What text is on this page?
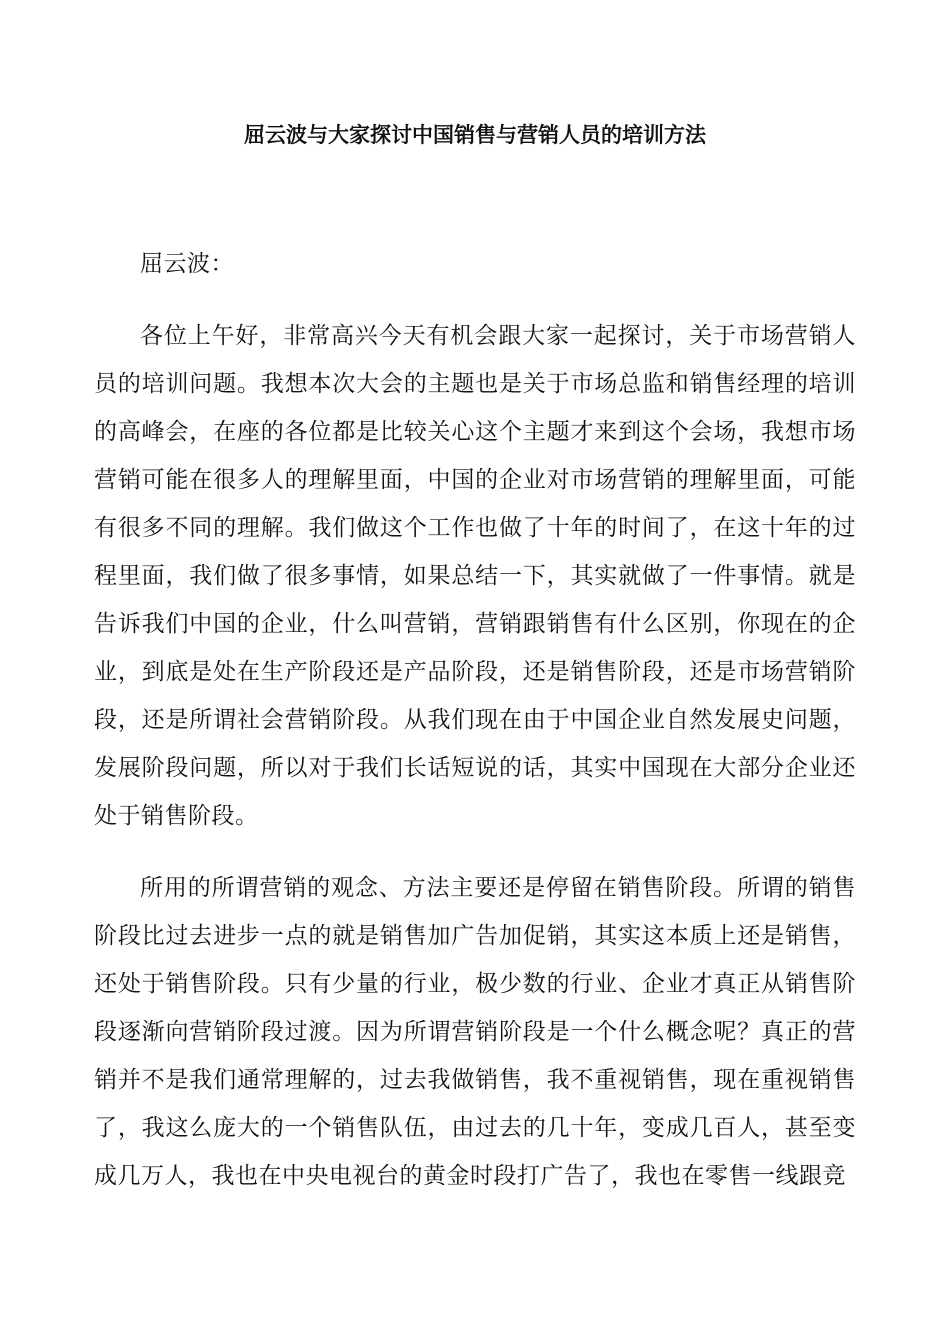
屈云波与大家探讨中国销售与营销人员的培训方法

屈云波：

各位上午好，非常高兴今天有机会跟大家一起探讨，关于市场营销人员的培训问题。我想本次大会的主题也是关于市场总监和销售经理的培训的高峰会，在座的各位都是比较关心这个主题才来到这个会场，我想市场营销可能在很多人的理解里面，中国的企业对市场营销的理解里面，可能有很多不同的理解。我们做这个工作也做了十年的时间了，在这十年的过程里面，我们做了很多事情，如果总结一下，其实就做了一件事情。就是告诉我们中国的企业，什么叫营销，营销跟销售有什么区别，你现在的企业，到底是处在生产阶段还是产品阶段，还是销售阶段，还是市场营销阶段，还是所谓社会营销阶段。从我们现在由于中国企业自然发展史问题，发展阶段问题，所以对于我们长话短说的话，其实中国现在大部分企业还处于销售阶段。

所用的所谓营销的观念、方法主要还是停留在销售阶段。所谓的销售阶段比过去进步一点的就是销售加广告加促销，其实这本质上还是销售，还处于销售阶段。只有少量的行业，极少数的行业、企业才真正从销售阶段逐渐向营销阶段过渡。因为所谓营销阶段是一个什么概念呢？真正的营销并不是我们通常理解的，过去我做销售，我不重视销售，现在重视销售了，我这么庞大的一个销售队伍，由过去的几十年，变成几百人，甚至变成几万人，我也在中央电视台的黄金时段打广告了，我也在零售一线跟竞
